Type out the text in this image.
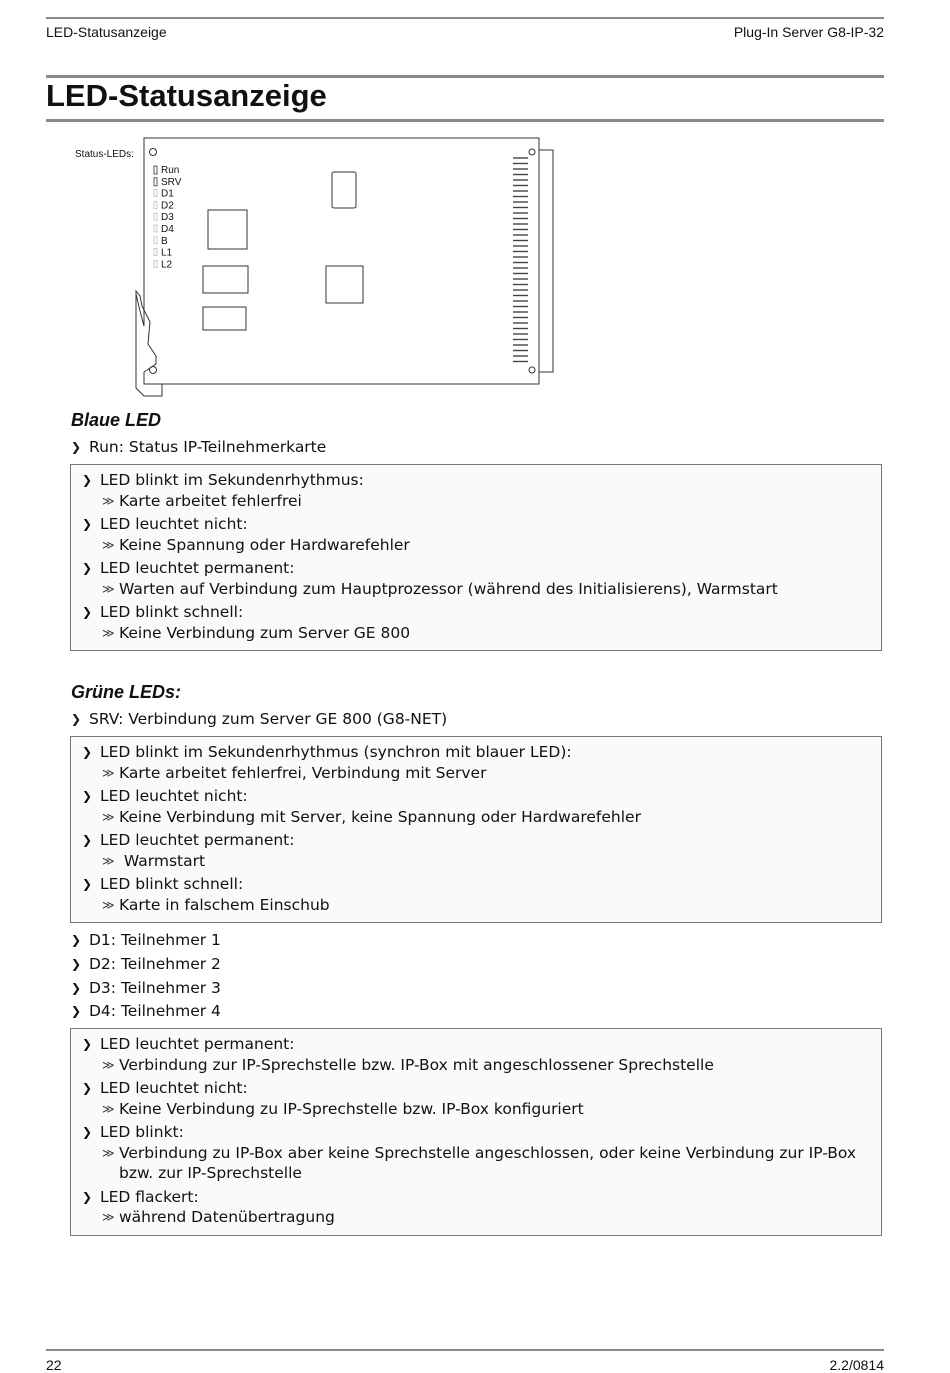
LED-Statusanzeige	Plug-In Server G8-IP-32
LED-Statusanzeige
Status-LEDs:
Run
SRV
D1
D2
D3
D4
B
L1
L2
Blaue LED
❯ Run: Status IP-Teilnehmerkarte
❯ LED blinkt im Sekundenrhythmus:
≫ Karte arbeitet fehlerfrei
❯ LED leuchtet nicht:
≫ Keine Spannung oder Hardwarefehler
❯ LED leuchtet permanent:
≫ Warten auf Verbindung zum Hauptprozessor (während des Initialisierens), Warmstart
❯ LED blinkt schnell:
≫ Keine Verbindung zum Server GE 800
Grüne LEDs:
❯ SRV: Verbindung zum Server GE 800 (G8-NET)
❯ LED blinkt im Sekundenrhythmus (synchron mit blauer LED):
≫ Karte arbeitet fehlerfrei, Verbindung mit Server
❯ LED leuchtet nicht:
≫ Keine Verbindung mit Server, keine Spannung oder Hardwarefehler
❯ LED leuchtet permanent:
≫ Warmstart
❯ LED blinkt schnell:
≫ Karte in falschem Einschub
❯ D1: Teilnehmer 1
❯ D2: Teilnehmer 2
❯ D3: Teilnehmer 3
❯ D4: Teilnehmer 4
❯ LED leuchtet permanent:
≫ Verbindung zur IP-Sprechstelle bzw. IP-Box mit angeschlossener Sprechstelle
❯ LED leuchtet nicht:
≫ Keine Verbindung zu IP-Sprechstelle bzw. IP-Box konfiguriert
❯ LED blinkt:
≫ Verbindung zu IP-Box aber keine Sprechstelle angeschlossen, oder keine Verbindung zur IP-Box bzw. zur IP-Sprechstelle
❯ LED flackert:
≫ während Datenübertragung
22	2.2/0814
